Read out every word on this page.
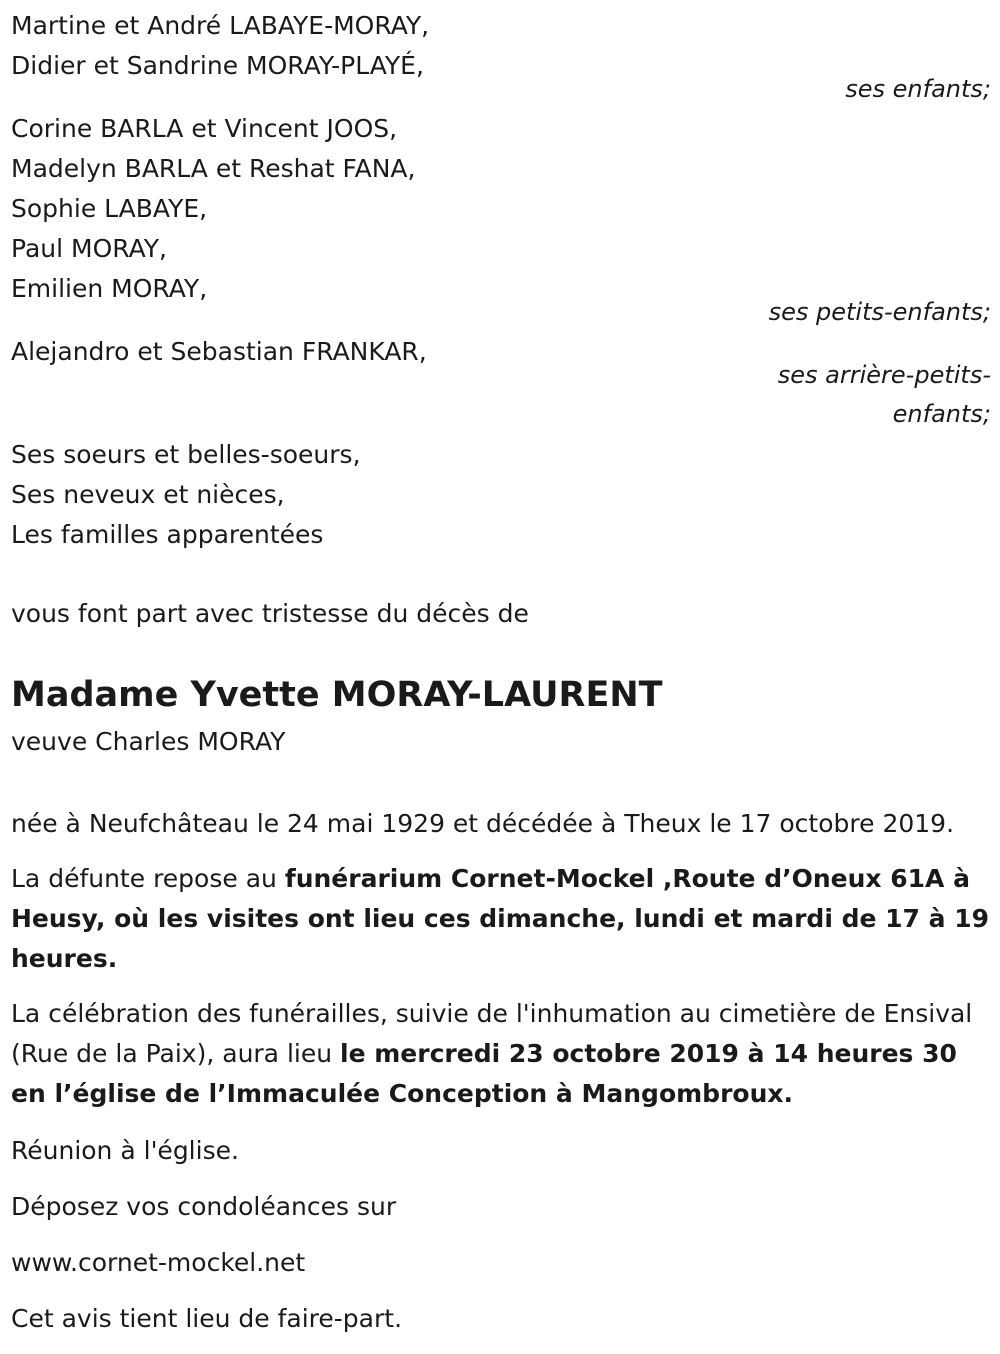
Martine et André LABAYE-MORAY,
Didier et Sandrine MORAY-PLAYÉ,
ses enfants;
Corine BARLA et Vincent JOOS,
Madelyn BARLA et Reshat FANA,
Sophie LABAYE,
Paul MORAY,
Emilien MORAY,
ses petits-enfants;
Alejandro et Sebastian FRANKAR,
ses arrière-petits-
enfants;
Ses soeurs et belles-soeurs,
Ses neveux et nièces,
Les familles apparentées
vous font part avec tristesse du décès de
Madame Yvette MORAY-LAURENT
veuve Charles MORAY
née à Neufchâteau le 24 mai 1929 et décédée à Theux le 17 octobre 2019.
La défunte repose au funérarium Cornet-Mockel ,Route d’Oneux 61A à Heusy, où les visites ont lieu ces dimanche, lundi et mardi de 17 à 19 heures.
La célébration des funérailles, suivie de l'inhumation au cimetière de Ensival (Rue de la Paix), aura lieu le mercredi 23 octobre 2019 à 14 heures 30 en l’église de l’Immaculée Conception à Mangombroux.
Réunion à l'église.
Déposez vos condoléances sur
www.cornet-mockel.net
Cet avis tient lieu de faire-part.
